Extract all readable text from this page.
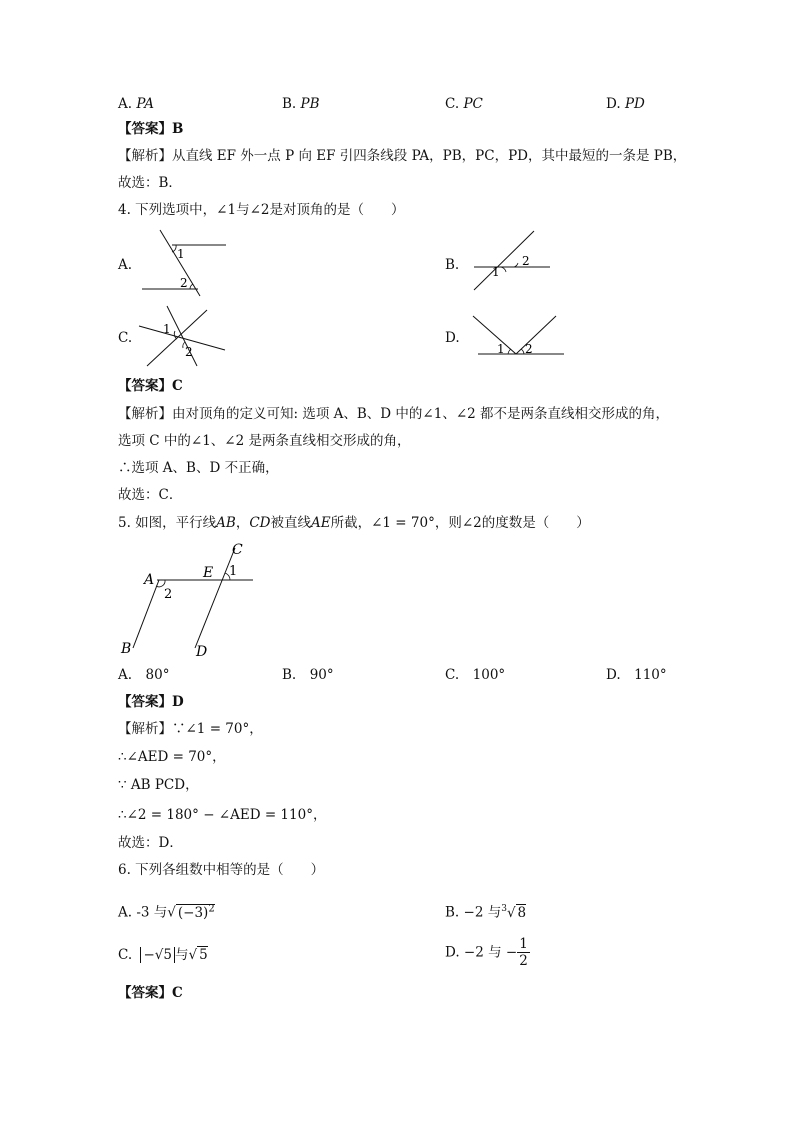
A. PA	B. PB	C. PC	D. PD
【答案】B
【解析】从直线 EF 外一点 P 向 EF 引四条线段 PA，PB，PC，PD，其中最短的一条是 PB，
故选：B．
4. 下列选项中，∠1与∠2是对顶角的是（　　）
A.
1
2
B.	1
2
C.
1
2
D.
1 2
【答案】C
【解析】由对顶角的定义可知: 选项 A、B、D 中的∠1、∠2 都不是两条直线相交形成的角，
选项 C 中的∠1、∠2 是两条直线相交形成的角，
∴选项 A、B、D 不正确，
故选：C．
5. 如图，平行线AB，CD被直线AE所截，∠1 = 70°，则∠2的度数是（　　）
A
B
C
D
E 1
2
A.　80°	B.　90°	C.　100°	D.　110°
【答案】D
【解析】∵∠1 = 70°，
∴∠AED = 70°，
∵ AB PCD，
∴∠2 = 180° − ∠AED = 110°，
故选：D．
6. 下列各组数中相等的是（　　）
A. -3 与√ $(-3)^2$	B. −2 与$^3$√ 8
C. −√5 与√ 5	D. −2 与 − $\frac{1}{2}$
【答案】C
